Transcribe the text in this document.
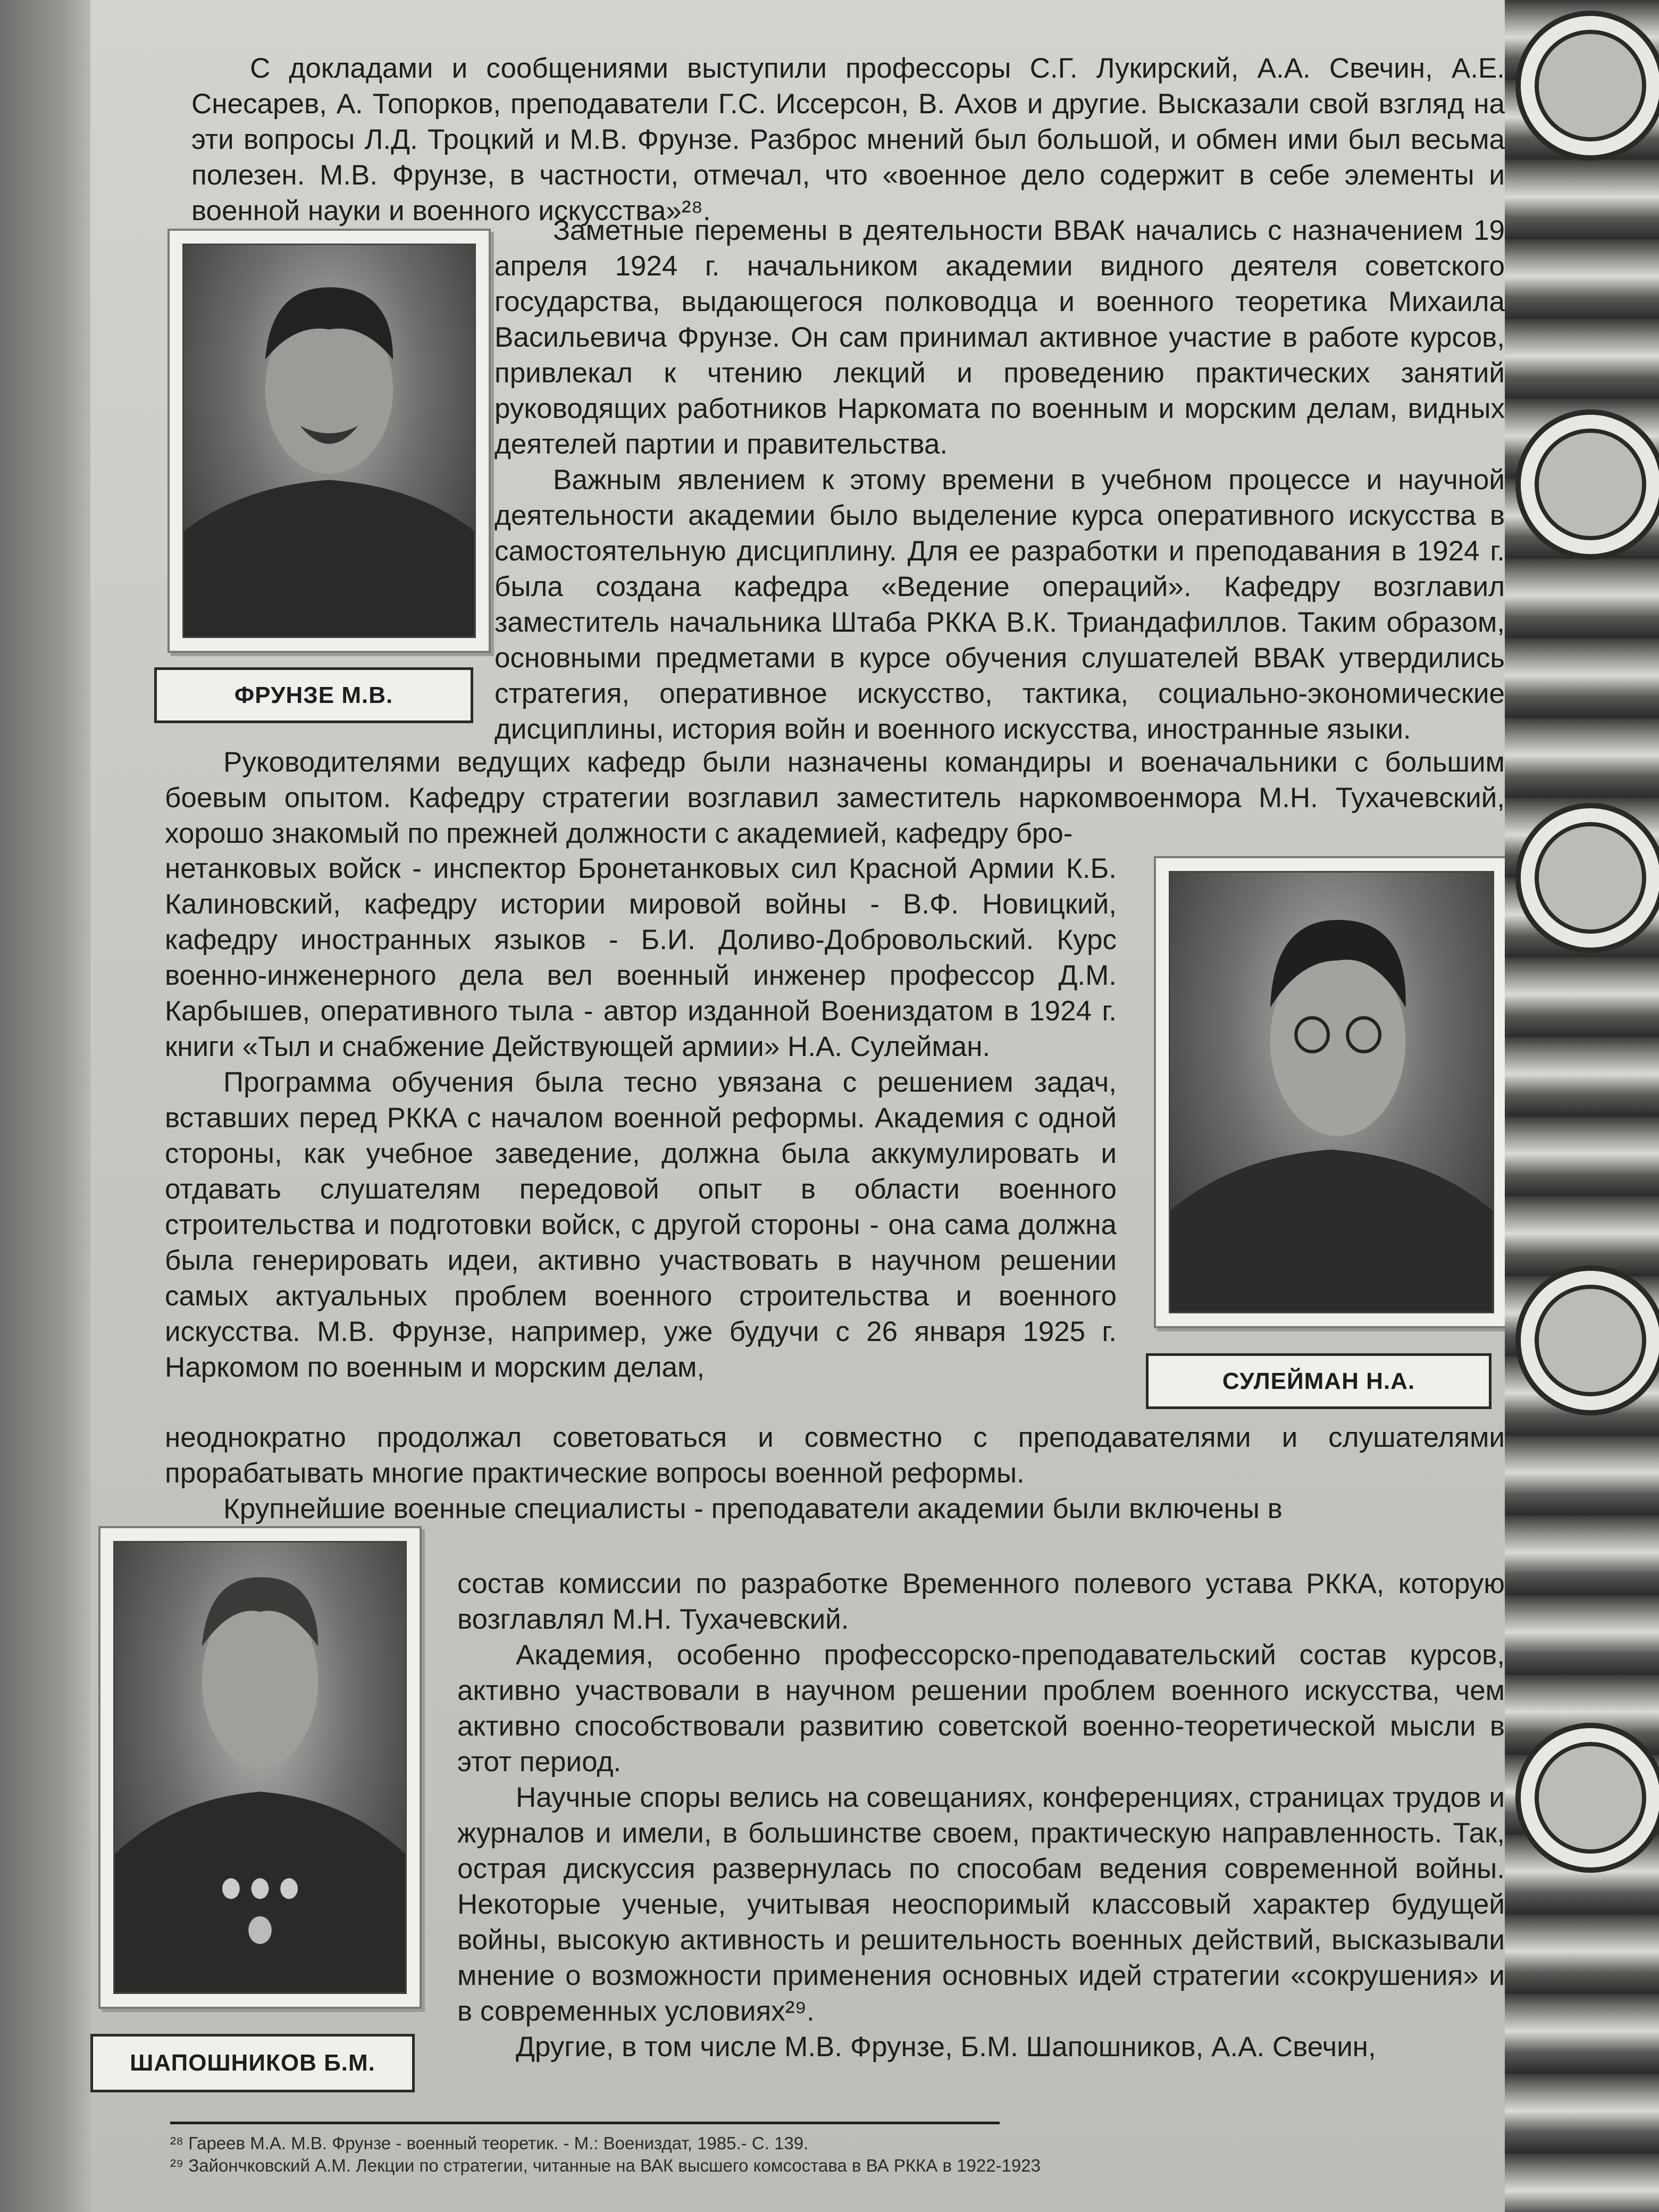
С докладами и сообщениями выступили профессоры С.Г. Лукирский, А.А. Свечин, А.Е. Снесарев, А. Топорков, преподаватели Г.С. Иссерсон, В. Ахов и другие. Высказали свой взгляд на эти вопросы Л.Д. Троцкий и М.В. Фрунзе. Разброс мнений был большой, и обмен ими был весьма полезен. М.В. Фрунзе, в частности, отмечал, что «военное дело содержит в себе элементы и военной науки и военного искусства»²⁸.

ФРУНЗЕ М.В.

Заметные перемены в деятельности ВВАК начались с назначением 19 апреля 1924 г. начальником академии видного деятеля советского государства, выдающегося полководца и военного теоретика Михаила Васильевича Фрунзе. Он сам принимал активное участие в работе курсов, привлекал к чтению лекций и проведению практических занятий руководящих работников Наркомата по военным и морским делам, видных деятелей партии и правительства.

Важным явлением к этому времени в учебном процессе и научной деятельности академии было выделение курса оперативного искусства в самостоятельную дисциплину. Для ее разработки и преподавания в 1924 г. была создана кафедра «Ведение операций». Кафедру возглавил заместитель начальника Штаба РККА В.К. Триандафиллов. Таким образом, основными предметами в курсе обучения слушателей ВВАК утвердились стратегия, оперативное искусство, тактика, социально-экономические дисциплины, история войн и военного искусства, иностранные языки.

Руководителями ведущих кафедр были назначены командиры и военачальники с большим боевым опытом. Кафедру стратегии возглавил заместитель наркомвоенмора М.Н. Тухачевский, хорошо знакомый по прежней должности с академией, кафедру бро-

СУЛЕЙМАН Н.А.

нетанковых войск - инспектор Бронетанковых сил Красной Армии К.Б. Калиновский, кафедру истории мировой войны - В.Ф. Новицкий, кафедру иностранных языков - Б.И. Доливо-Добровольский. Курс военно-инженерного дела вел военный инженер профессор Д.М. Карбышев, оперативного тыла - автор изданной Воениздатом в 1924 г. книги «Тыл и снабжение Действующей армии» Н.А. Сулейман.

Программа обучения была тесно увязана с решением задач, вставших перед РККА с началом военной реформы. Академия с одной стороны, как учебное заведение, должна была аккумулировать и отдавать слушателям передовой опыт в области военного строительства и подготовки войск, с другой стороны - она сама должна была генерировать идеи, активно участвовать в научном решении самых актуальных проблем военного строительства и военного искусства. М.В. Фрунзе, например, уже будучи с 26 января 1925 г. Наркомом по военным и морским делам,

неоднократно продолжал советоваться и совместно с преподавателями и слушателями прорабатывать многие практические вопросы военной реформы.

Крупнейшие военные специалисты - преподаватели академии были включены в

ШАПОШНИКОВ Б.М.

состав комиссии по разработке Временного полевого устава РККА, которую возглавлял М.Н. Тухачевский.

Академия, особенно профессорско-преподавательский состав курсов, активно участвовали в научном решении проблем военного искусства, чем активно способствовали развитию советской военно-теоретической мысли в этот период.

Научные споры велись на совещаниях, конференциях, страницах трудов и журналов и имели, в большинстве своем, практическую направленность. Так, острая дискуссия развернулась по способам ведения современной войны. Некоторые ученые, учитывая неоспоримый классовый характер будущей войны, высокую активность и решительность военных действий, высказывали мнение о возможности применения основных идей стратегии «сокрушения» и в современных условиях²⁹.

Другие, в том числе М.В. Фрунзе, Б.М. Шапошников, А.А. Свечин,

²⁸ Гареев М.А. М.В. Фрунзе - военный теоретик. - М.: Воениздат, 1985.- С. 139.
²⁹ Зайончковский А.М. Лекции по стратегии, читанные на ВАК высшего комсостава в ВА РККА в 1922-1923
